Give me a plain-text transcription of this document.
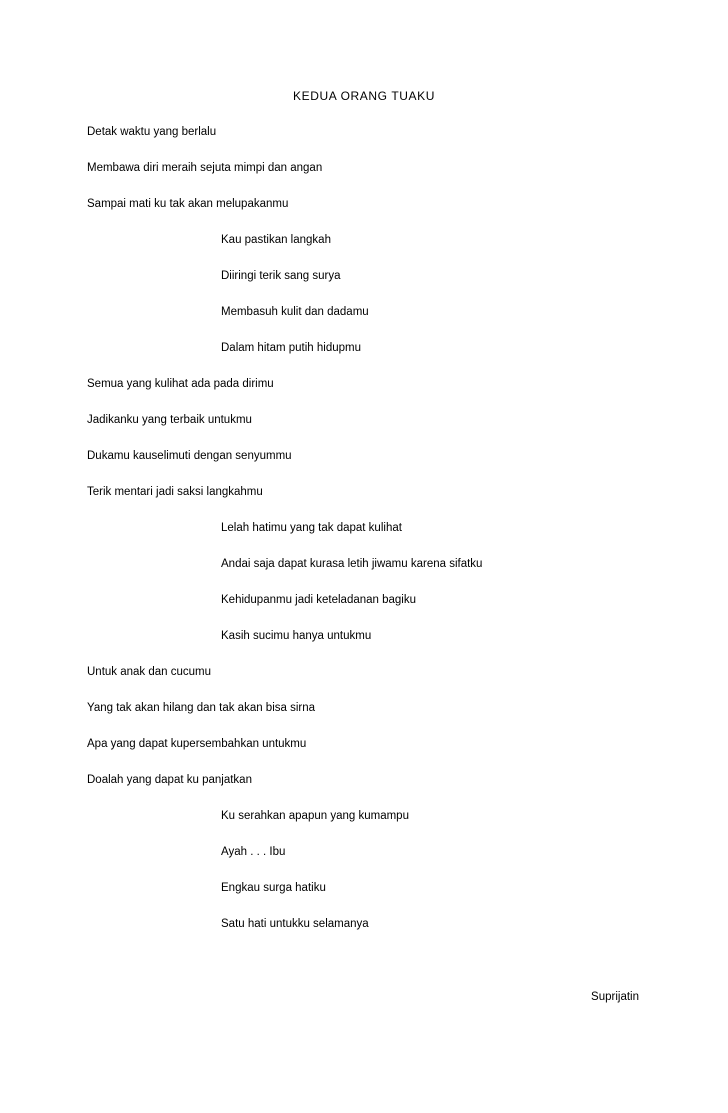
KEDUA ORANG TUAKU
Detak waktu yang berlalu
Membawa diri meraih sejuta mimpi dan angan
Sampai mati ku tak akan melupakanmu
Kau pastikan langkah
Diiringi terik sang surya
Membasuh kulit dan dadamu
Dalam hitam putih hidupmu
Semua yang kulihat ada pada dirimu
Jadikanku yang terbaik untukmu
Dukamu kauselimuti dengan senyummu
Terik mentari jadi saksi langkahmu
Lelah hatimu yang tak dapat kulihat
Andai saja dapat kurasa letih jiwamu karena sifatku
Kehidupanmu jadi keteladanan bagiku
Kasih sucimu hanya untukmu
Untuk anak dan cucumu
Yang tak akan hilang dan tak akan bisa sirna
Apa yang dapat kupersembahkan untukmu
Doalah yang dapat ku panjatkan
Ku serahkan apapun yang kumampu
Ayah . . . Ibu
Engkau surga hatiku
Satu hati untukku selamanya
Suprijatin
